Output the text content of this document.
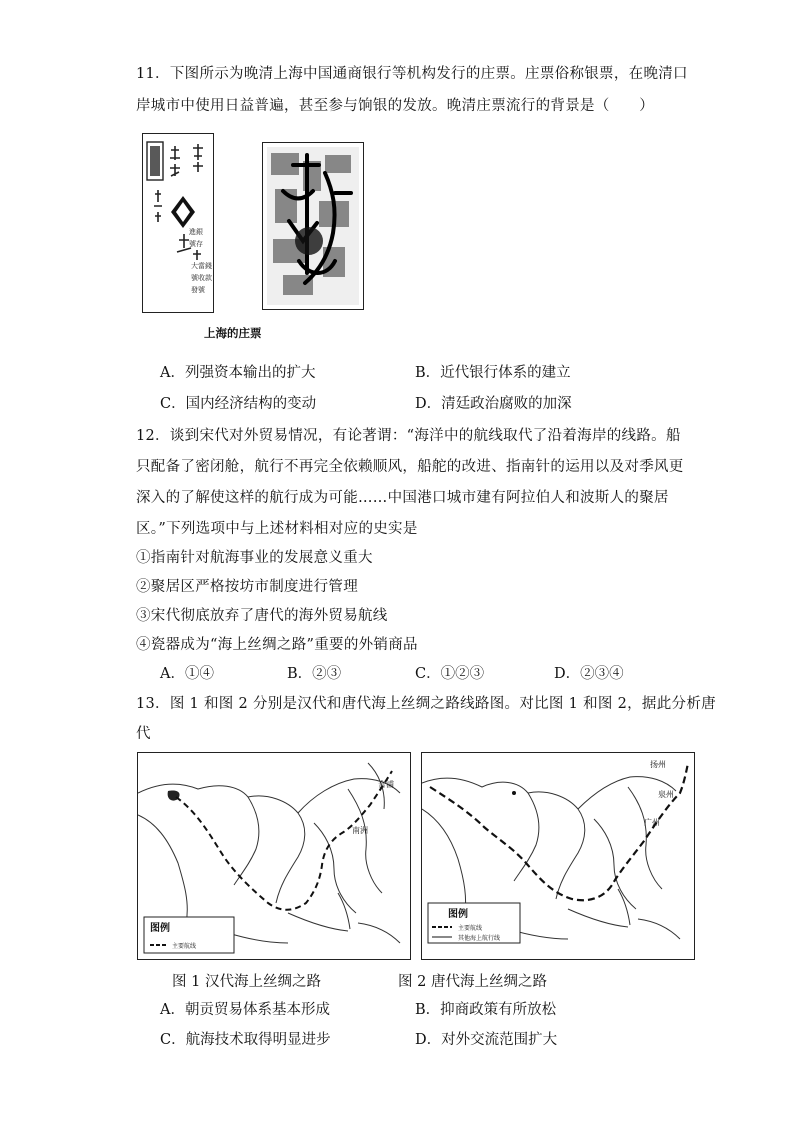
11．下图所示为晚清上海中国通商银行等机构发行的庄票。庄票俗称银票，在晚清口
岸城市中使用日益普遍，甚至参与饷银的发放。晚清庄票流行的背景是（　　）
進銀
號存
大當錢
號收款
發號
上海的庄票
A．列强资本输出的扩大	B．近代银行体系的建立
C．国内经济结构的变动	D．清廷政治腐败的加深
12．谈到宋代对外贸易情况，有论著谓：“海洋中的航线取代了沿着海岸的线路。船
只配备了密闭舱，航行不再完全依赖顺风，船舵的改进、指南针的运用以及对季风更
深入的了解使这样的航行成为可能……中国港口城市建有阿拉伯人和波斯人的聚居
区。”下列选项中与上述材料相对应的史实是
①指南针对航海事业的发展意义重大
②聚居区严格按坊市制度进行管理
③宋代彻底放弃了唐代的海外贸易航线
④瓷器成为“海上丝绸之路”重要的外销商品
A．①④	B．②③	C．①②③	D．②③④
13．图 1 和图 2 分别是汉代和唐代海上丝绸之路线路图。对比图 1 和图 2，据此分析唐
代
合浦
南洲
图例
主要航线
扬州
泉州
广州
图例
主要航线
其他海上航行线
图 1 汉代海上丝绸之路	图 2 唐代海上丝绸之路
A．朝贡贸易体系基本形成	B．抑商政策有所放松
C．航海技术取得明显进步	D．对外交流范围扩大
